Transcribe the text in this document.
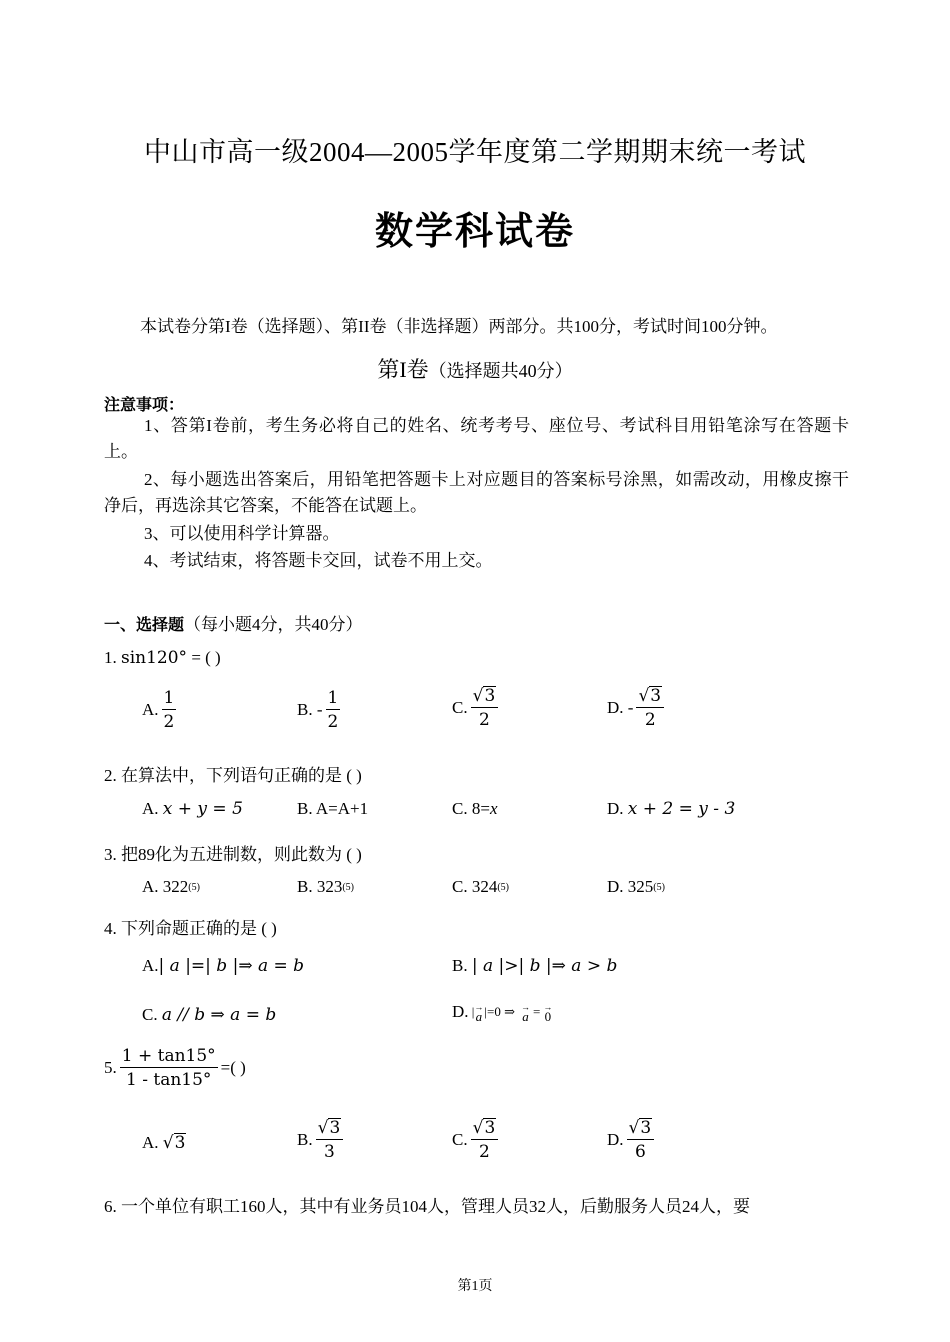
中山市高一级2004—2005学年度第二学期期末统一考试
数学科试卷
本试卷分第I卷（选择题）、第II卷（非选择题）两部分。共100分，考试时间100分钟。
第I卷（选择题共40分）
注意事项：
1、答第I卷前，考生务必将自己的姓名、统考考号、座位号、考试科目用铅笔涂写在答题卡上。
2、每小题选出答案后，用铅笔把答题卡上对应题目的答案标号涂黑，如需改动，用橡皮擦干净后，再选涂其它答案，不能答在试题上。
3、可以使用科学计算器。
4、考试结束，将答题卡交回，试卷不用上交。
一、选择题（每小题4分，共40分）
1. sin120° = ( )
A. $\frac{1}{2}$	B. - $\frac{1}{2}$	C. $\frac{√ 3}{2}$	D. - $\frac{√ 3}{2}$
2. 在算法中，下列语句正确的是 ( )
A.
x + y = 5	B. A=A+1	C. 8= x	D.
x + 2 = y - 3
3. 把89化为五进制数，则此数为 ( )
A. 322 (5)	B. 323 (5)	C. 324 (5)	D. 325 (5)
4. 下列命题正确的是 ( )
A. | a |=| b |⇒ a = b	B.
| a |>| b |⇒ a > b
C.
a // b ⇒ a = b	D.
| →
a |=0 ⇒ →
a = →
0
5. $\frac{1 + \tan 15^\circ}{1 - \tan 15^\circ}$ =( )
A.
√ 3	B. $\frac{√ 3}{3}$	C. $\frac{√ 3}{2}$	D. $\frac{√ 3}{6}$
6. 一个单位有职工160人，其中有业务员104人，管理人员32人，后勤服务人员24人，要
第1页
